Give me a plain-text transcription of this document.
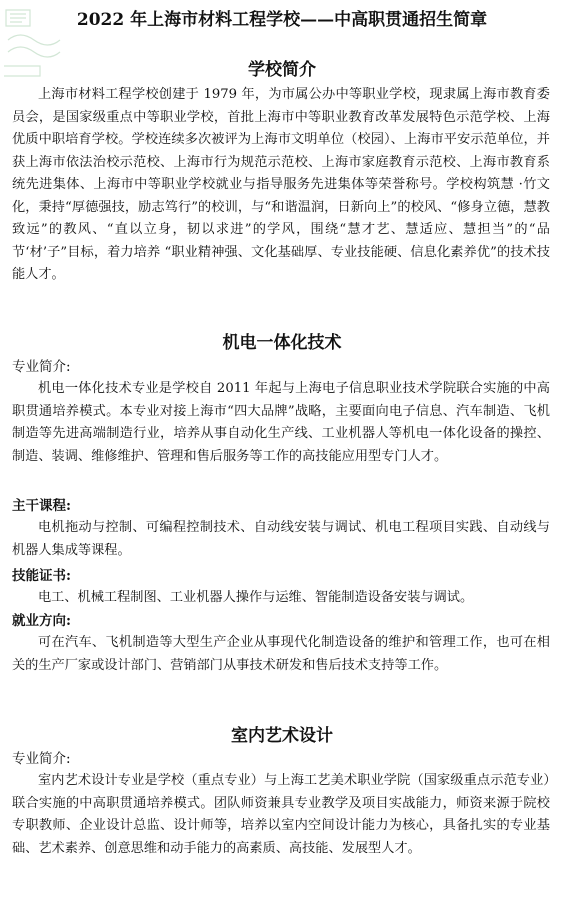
2022 年上海市材料工程学校——中高职贯通招生简章
学校简介

上海市材料工程学校创建于 1979 年，为市属公办中等职业学校，现隶属上海市教育委员会，是国家级重点中等职业学校，首批上海市中等职业教育改革发展特色示范学校、上海优质中职培育学校。学校连续多次被评为上海市文明单位（校园）、上海市平安示范单位，并获上海市依法治校示范校、上海市行为规范示范校、上海市家庭教育示范校、上海市教育系统先进集体、上海市中等职业学校就业与指导服务先进集体等荣誉称号。学校构筑慧 ·竹文化，秉持“厚德强技，励志笃行”的校训，与“和谐温润，日新向上”的校风、“修身立德，慧教致远”的教风、“直以立身，韧以求进”的学风，围绕“慧才艺、慧适应、慧担当”的“品节‘材’子”目标，着力培养 “职业精神强、文化基础厚、专业技能硬、信息化素养优”的技术技能人才。

机电一体化技术
专业简介:

机电一体化技术专业是学校自 2011 年起与上海电子信息职业技术学院联合实施的中高职贯通培养模式。本专业对接上海市“四大品牌”战略，主要面向电子信息、汽车制造、飞机制造等先进高端制造行业，培养从事自动化生产线、工业机器人等机电一体化设备的操控、制造、装调、维修维护、管理和售后服务等工作的高技能应用型专门人才。

主干课程:

电机拖动与控制、可编程控制技术、自动线安装与调试、机电工程项目实践、自动线与机器人集成等课程。

技能证书:

电工、机械工程制图、工业机器人操作与运维、智能制造设备安装与调试。

就业方向:

可在汽车、飞机制造等大型生产企业从事现代化制造设备的维护和管理工作，也可在相关的生产厂家或设计部门、营销部门从事技术研发和售后技术支持等工作。

室内艺术设计
专业简介:

室内艺术设计专业是学校（重点专业）与上海工艺美术职业学院（国家级重点示范专业）联合实施的中高职贯通培养模式。团队师资兼具专业教学及项目实战能力，师资来源于院校专职教师、企业设计总监、设计师等，培养以室内空间设计能力为核心，具备扎实的专业基础、艺术素养、创意思维和动手能力的高素质、高技能、发展型人才。
